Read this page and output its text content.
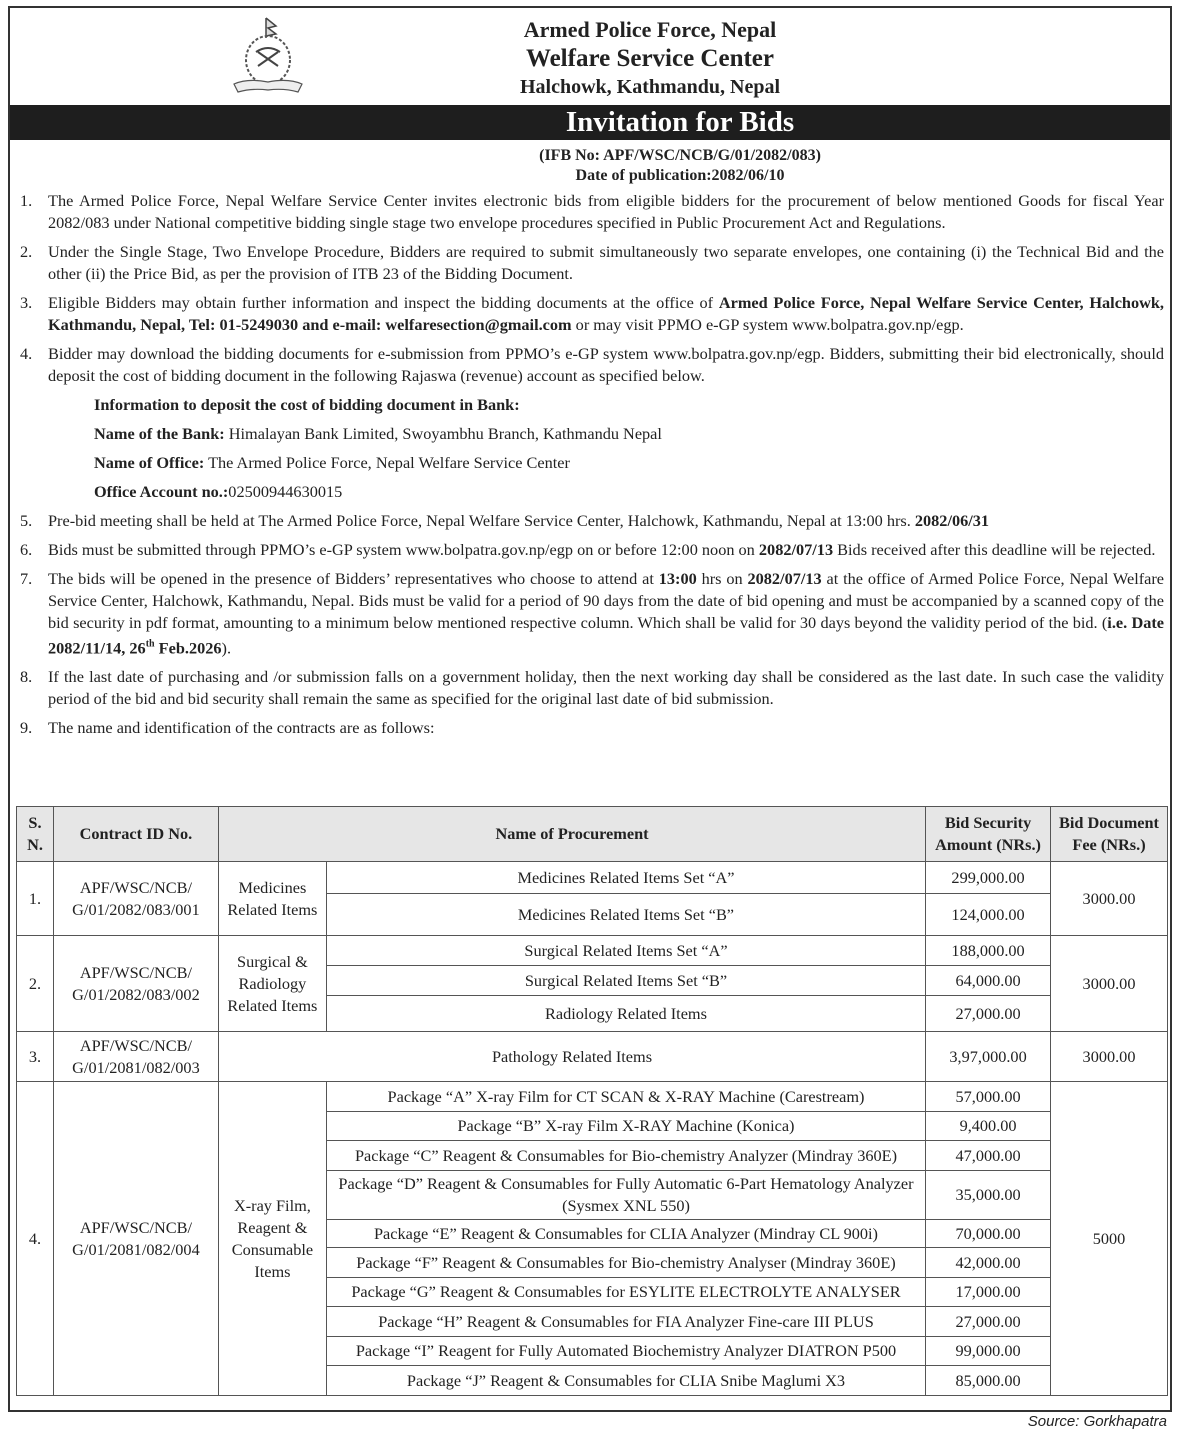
Armed Police Force, Nepal
Welfare Service Center
Halchowk, Kathmandu, Nepal
Invitation for Bids
(IFB No: APF/WSC/NCB/G/01/2082/083)
Date of publication:2082/06/10
1. The Armed Police Force, Nepal Welfare Service Center invites electronic bids from eligible bidders for the procurement of below mentioned Goods for fiscal Year 2082/083 under National competitive bidding single stage two envelope procedures specified in Public Procurement Act and Regulations.
2. Under the Single Stage, Two Envelope Procedure, Bidders are required to submit simultaneously two separate envelopes, one containing (i) the Technical Bid and the other (ii) the Price Bid, as per the provision of ITB 23 of the Bidding Document.
3. Eligible Bidders may obtain further information and inspect the bidding documents at the office of Armed Police Force, Nepal Welfare Service Center, Halchowk, Kathmandu, Nepal, Tel: 01-5249030 and e-mail: welfaresection@gmail.com or may visit PPMO e-GP system www.bolpatra.gov.np/egp.
4. Bidder may download the bidding documents for e-submission from PPMO’s e-GP system www.bolpatra.gov.np/egp. Bidders, submitting their bid electronically, should deposit the cost of bidding document in the following Rajaswa (revenue) account as specified below.
Information to deposit the cost of bidding document in Bank:
Name of the Bank: Himalayan Bank Limited, Swoyambhu Branch, Kathmandu Nepal
Name of Office: The Armed Police Force, Nepal Welfare Service Center
Office Account no.:02500944630015
5. Pre-bid meeting shall be held at The Armed Police Force, Nepal Welfare Service Center, Halchowk, Kathmandu, Nepal at 13:00 hrs. 2082/06/31
6. Bids must be submitted through PPMO’s e-GP system www.bolpatra.gov.np/egp on or before 12:00 noon on 2082/07/13 Bids received after this deadline will be rejected.
7. The bids will be opened in the presence of Bidders’ representatives who choose to attend at 13:00 hrs on 2082/07/13 at the office of Armed Police Force, Nepal Welfare Service Center, Halchowk, Kathmandu, Nepal. Bids must be valid for a period of 90 days from the date of bid opening and must be accompanied by a scanned copy of the bid security in pdf format, amounting to a minimum below mentioned respective column. Which shall be valid for 30 days beyond the validity period of the bid. (i.e. Date 2082/11/14, 26th Feb.2026).
8. If the last date of purchasing and /or submission falls on a government holiday, then the next working day shall be considered as the last date. In such case the validity period of the bid and bid security shall remain the same as specified for the original last date of bid submission.
9. The name and identification of the contracts are as follows:
S. N.	Contract ID No.	Name of Procurement		Bid Security Amount (NRs.)	Bid Document Fee (NRs.)
1.	APF/WSC/NCB/ G/01/2082/083/001	Medicines Related Items	Medicines Related Items Set “A”	299,000.00	3000.00
			Medicines Related Items Set “B”	124,000.00	
2.	APF/WSC/NCB/ G/01/2082/083/002	Surgical & Radiology Related Items	Surgical Related Items Set “A”	188,000.00	3000.00
			Surgical Related Items Set “B”	64,000.00	
			Radiology Related Items	27,000.00	
3.	APF/WSC/NCB/ G/01/2081/082/003	Pathology Related Items		3,97,000.00	3000.00
4.	APF/WSC/NCB/ G/01/2081/082/004	X-ray Film, Reagent & Consumable Items	Package “A” X-ray Film for CT SCAN & X-RAY Machine (Carestream)	57,000.00	5000
			Package “B” X-ray Film X-RAY Machine (Konica)	9,400.00	
			Package “C” Reagent & Consumables for Bio-chemistry Analyzer (Mindray 360E)	47,000.00	
			Package “D” Reagent & Consumables for Fully Automatic 6-Part Hematology Analyzer (Sysmex XNL 550)	35,000.00	
			Package “E” Reagent & Consumables for CLIA Analyzer (Mindray CL 900i)	70,000.00	
			Package “F” Reagent & Consumables for Bio-chemistry Analyser (Mindray 360E)	42,000.00	
			Package “G” Reagent & Consumables for ESYLITE ELECTROLYTE ANALYSER	17,000.00	
			Package “H” Reagent & Consumables for FIA Analyzer Fine-care III PLUS	27,000.00	
			Package “I” Reagent for Fully Automated Biochemistry Analyzer DIATRON P500	99,000.00	
			Package “J” Reagent & Consumables for CLIA Snibe Maglumi X3	85,000.00	
Source: Gorkhapatra
